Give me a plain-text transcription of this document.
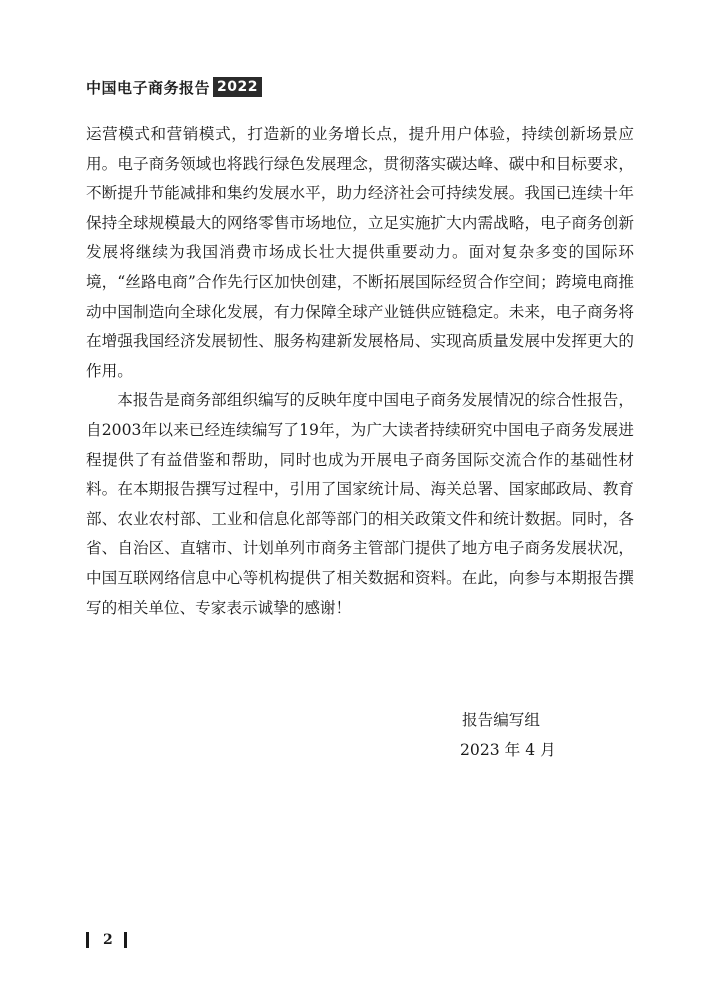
中国电子商务报告 2022

运营模式和营销模式，打造新的业务增长点，提升用户体验，持续创新场景应用。电子商务领域也将践行绿色发展理念，贯彻落实碳达峰、碳中和目标要求，不断提升节能减排和集约发展水平，助力经济社会可持续发展。我国已连续十年保持全球规模最大的网络零售市场地位，立足实施扩大内需战略，电子商务创新发展将继续为我国消费市场成长壮大提供重要动力。面对复杂多变的国际环境，“丝路电商”合作先行区加快创建，不断拓展国际经贸合作空间；跨境电商推动中国制造向全球化发展，有力保障全球产业链供应链稳定。未来，电子商务将在增强我国经济发展韧性、服务构建新发展格局、实现高质量发展中发挥更大的作用。

本报告是商务部组织编写的反映年度中国电子商务发展情况的综合性报告，自2003年以来已经连续编写了19年，为广大读者持续研究中国电子商务发展进程提供了有益借鉴和帮助，同时也成为开展电子商务国际交流合作的基础性材料。在本期报告撰写过程中，引用了国家统计局、海关总署、国家邮政局、教育部、农业农村部、工业和信息化部等部门的相关政策文件和统计数据。同时，各省、自治区、直辖市、计划单列市商务主管部门提供了地方电子商务发展状况，中国互联网络信息中心等机构提供了相关数据和资料。在此，向参与本期报告撰写的相关单位、专家表示诚挚的感谢！

报告编写组
2023 年 4 月
2
